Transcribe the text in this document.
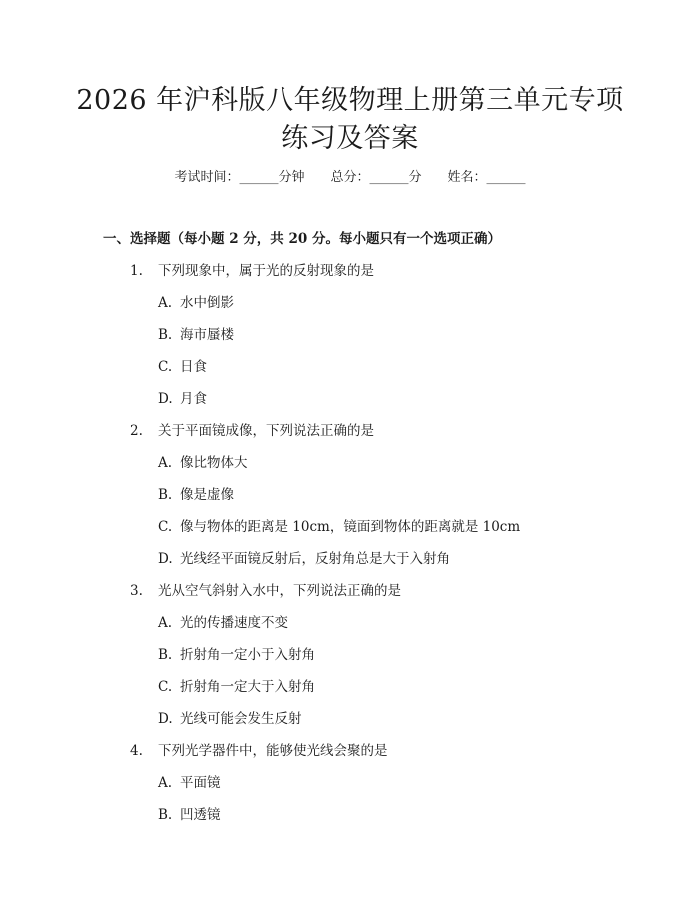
2026 年沪科版八年级物理上册第三单元专项
练习及答案
考试时间：______分钟 总分：______分 姓名：______
一、选择题（每小题 2 分，共 20 分。每小题只有一个选项正确）
1. 下列现象中，属于光的反射现象的是
A. 水中倒影
B. 海市蜃楼
C. 日食
D. 月食
2. 关于平面镜成像，下列说法正确的是
A. 像比物体大
B. 像是虚像
C. 像与物体的距离是 10cm，镜面到物体的距离就是 10cm
D. 光线经平面镜反射后，反射角总是大于入射角
3. 光从空气斜射入水中，下列说法正确的是
A. 光的传播速度不变
B. 折射角一定小于入射角
C. 折射角一定大于入射角
D. 光线可能会发生反射
4. 下列光学器件中，能够使光线会聚的是
A. 平面镜
B. 凹透镜
